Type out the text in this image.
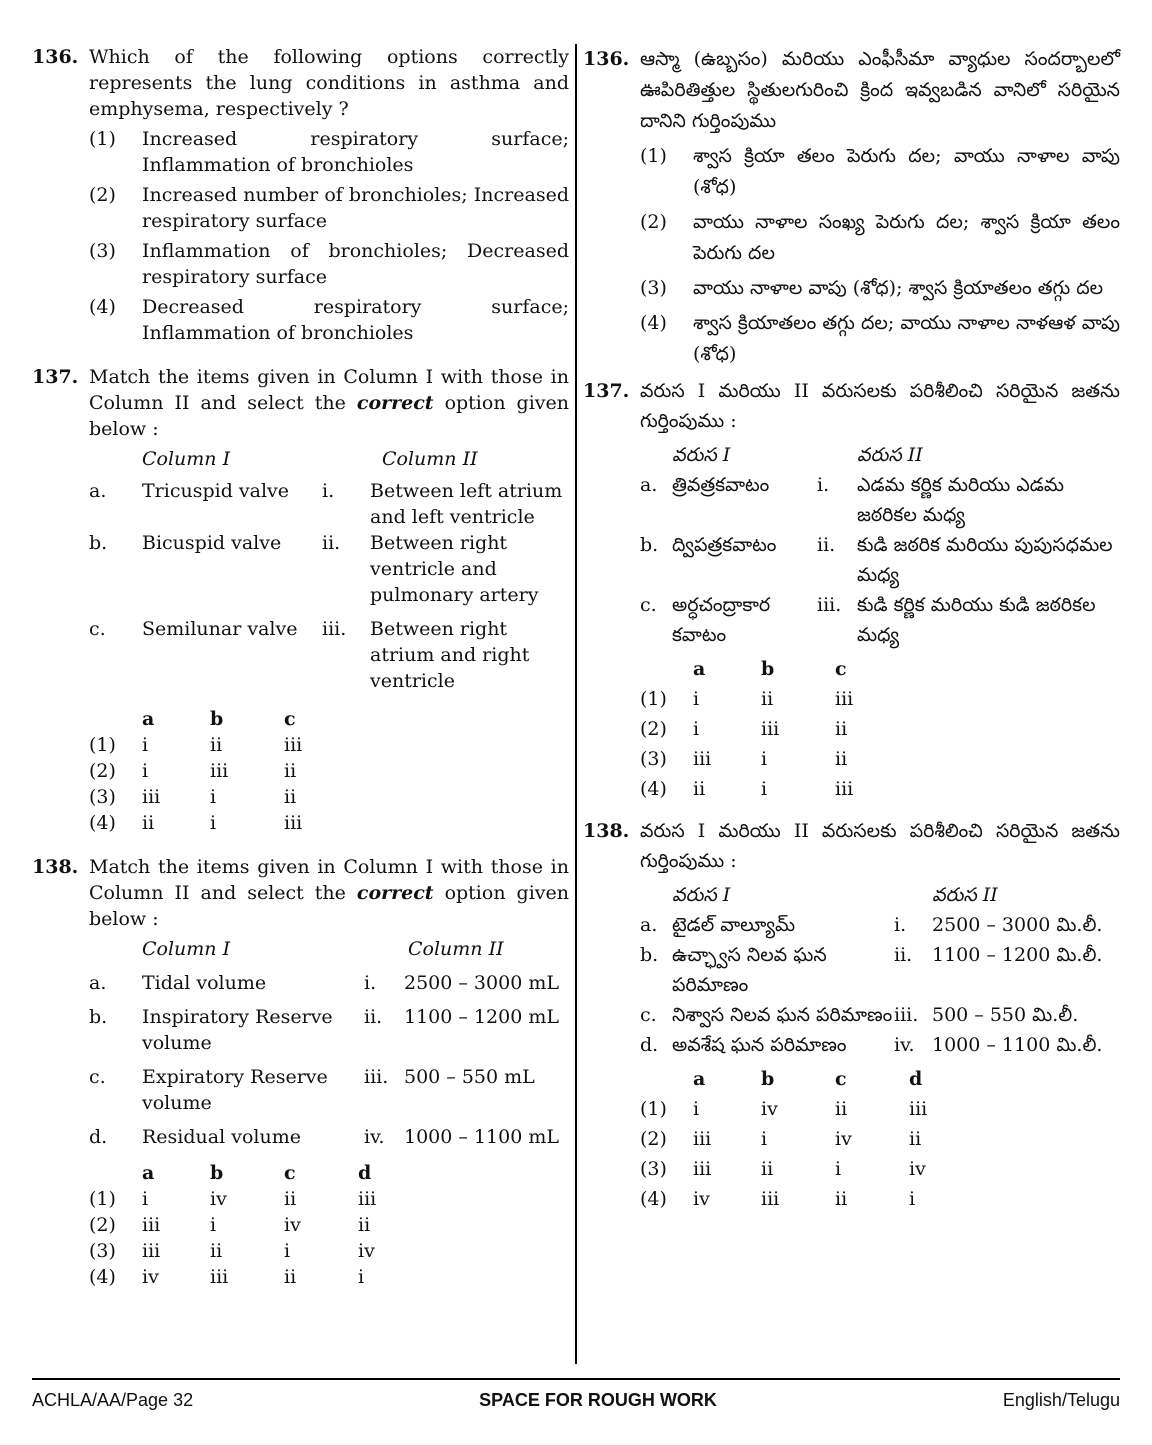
136. Which of the following options correctly represents the lung conditions in asthma and emphysema, respectively ?
(1)	Increased respiratory surface; Inflammation of bronchioles
(2)	Increased number of bronchioles; Increased respiratory surface
(3)	Inflammation of bronchioles; Decreased respiratory surface
(4)	Decreased respiratory surface; Inflammation of bronchioles
137. Match the items given in Column I with those in Column II and select the correct option given below :
	Column I		Column II
a.	Tricuspid valve	i.	Between left atrium and left ventricle
b.	Bicuspid valve	ii.	Between right ventricle and pulmonary artery
c.	Semilunar valve	iii.	Between right atrium and right ventricle
	a	b	c
(1)	i	ii	iii
(2)	i	iii	ii
(3)	iii	i	ii
(4)	ii	i	iii
138. Match the items given in Column I with those in Column II and select the correct option given below :
	Column I		Column II
a.	Tidal volume	i.	2500 – 3000 mL
b.	Inspiratory Reserve volume	ii.	1100 – 1200 mL
c.	Expiratory Reserve volume	iii.	500 – 550 mL
d.	Residual volume	iv.	1000 – 1100 mL
	a	b	c	d
(1)	i	iv	ii	iii
(2)	iii	i	iv	ii
(3)	iii	ii	i	iv
(4)	iv	iii	ii	i
136. ఆస్మా (ఉబ్బసం) మరియు ఎంఫీసీమా వ్యాధుల సందర్బాలలో ఊపిరితిత్తుల స్థితులగురించి క్రింద ఇవ్వబడిన వానిలో సరియైన దానిని గుర్తింపుము
(1)	శ్వాస క్రియా తలం పెరుగు దల; వాయు నాళాల వాపు (శోధ)
(2)	వాయు నాళాల సంఖ్య పెరుగు దల; శ్వాస క్రియా తలం పెరుగు దల
(3)	వాయు నాళాల వాపు (శోధ); శ్వాస క్రియాతలం తగ్గు దల
(4)	శ్వాస క్రియాతలం తగ్గు దల; వాయు నాళాల నాళఆళ వాపు (శోధ)
137. వరుస I మరియు II వరుసలకు పరిశీలించి సరియైన జతను గుర్తింపుము :
	వరుస I		వరుస II
a.	త్రివత్రకవాటం	i.	ఎడమ కర్ణిక మరియు ఎడమ జఠరికల మధ్య
b.	ద్విపత్రకవాటం	ii.	కుడి జఠరిక మరియు పుపుసధమల మధ్య
c.	అర్ధచంద్రాకార కవాటం	iii.	కుడి కర్ణిక మరియు కుడి జఠరికల మధ్య
	a	b	c
(1)	i	ii	iii
(2)	i	iii	ii
(3)	iii	i	ii
(4)	ii	i	iii
138. వరుస I మరియు II వరుసలకు పరిశీలించి సరియైన జతను గుర్తింపుము :
	వరుస I		వరుస II
a.	టైడల్ వాల్యూమ్	i.	2500 – 3000 మి.లీ.
b.	ఉచ్ఛ్వాస నిలవ ఘన పరిమాణం	ii.	1100 – 1200 మి.లీ.
c.	నిశ్వాస నిలవ ఘన పరిమాణం	iii.	500 – 550 మి.లీ.
d.	అవశేష ఘన పరిమాణం	iv.	1000 – 1100 మి.లీ.
	a	b	c	d
(1)	i	iv	ii	iii
(2)	iii	i	iv	ii
(3)	iii	ii	i	iv
(4)	iv	iii	ii	i
ACHLA/AA/Page 32	SPACE FOR ROUGH WORK	English/Telugu
